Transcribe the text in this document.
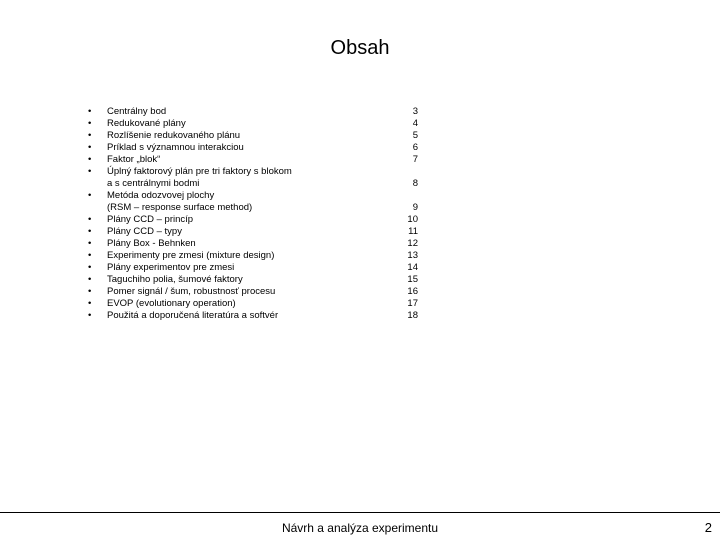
Obsah
•	Centrálny bod	3
•	Redukované plány	4
•	Rozlíšenie redukovaného plánu	5
•	Príklad s významnou interakciou	6
•	Faktor „blok“	7
•	Úplný faktorový plán pre tri faktory s blokom
a s centrálnymi bodmi	8
•	Metóda odozvovej plochy
(RSM – response surface method)	9
•	Plány CCD – princíp	10
•	Plány CCD – typy	11
•	Plány Box - Behnken	12
•	Experimenty pre zmesi (mixture design)	13
•	Plány experimentov pre zmesi	14
•	Taguchiho polia, šumové faktory	15
•	Pomer signál / šum, robustnosť procesu	16
•	EVOP (evolutionary operation)	17
•	Použitá a doporučená literatúra a softvér	18
Návrh a analýza experimentu	2
